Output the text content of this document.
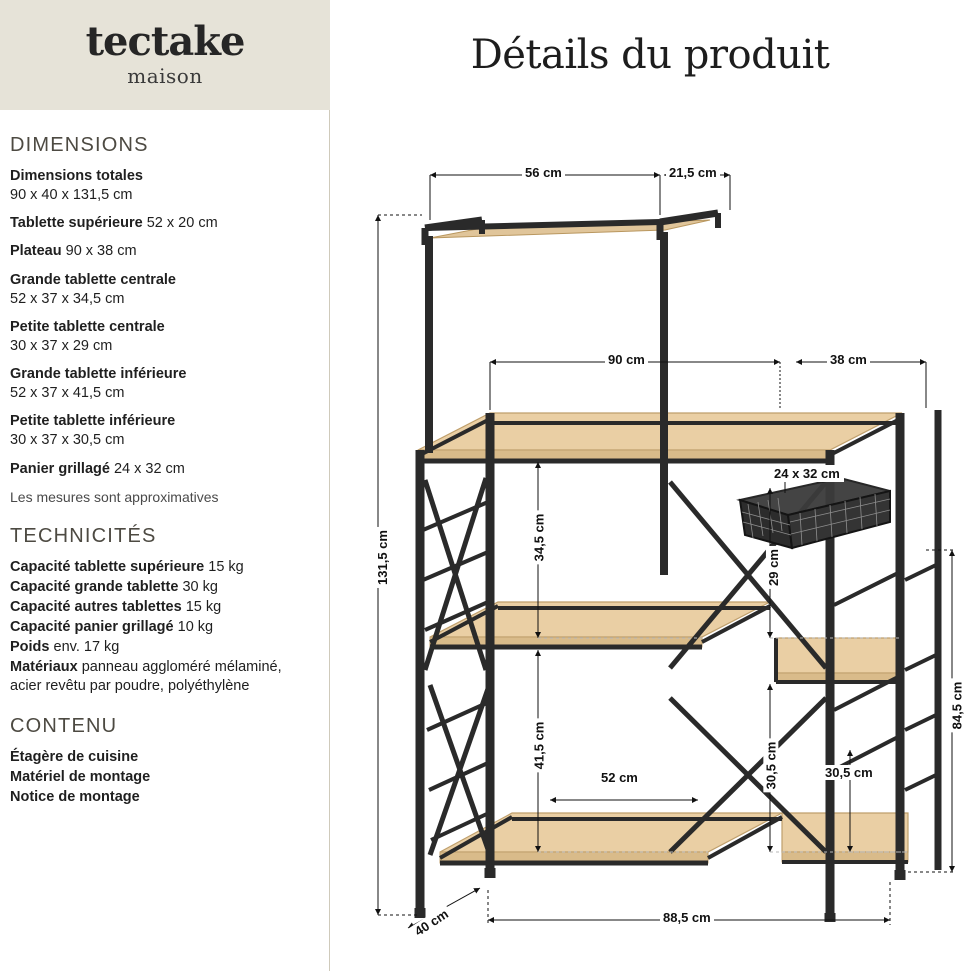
tectake
maison	Détails du produit
DIMENSIONS
Dimensions totales
90 x 40 x 131,5 cm
Tablette supérieure 52 x 20 cm
Plateau 90 x 38 cm
Grande tablette centrale
52 x 37 x 34,5 cm
Petite tablette centrale
30 x 37 x 29 cm
Grande tablette inférieure
52 x 37 x 41,5 cm
Petite tablette inférieure
30 x 37 x 30,5 cm
Panier grillagé 24 x 32 cm

Les mesures sont approximatives

TECHNICITÉS
Capacité tablette supérieure 15 kg
Capacité grande tablette 30 kg
Capacité autres tablettes 15 kg
Capacité panier grillagé 10 kg
Poids env. 17 kg
Matériaux panneau aggloméré mélaminé, acier revêtu par poudre, polyéthylène
CONTENU
Étagère de cuisine
Matériel de montage
Notice de montage
56 cm	21,5 cm
90 cm	38 cm
131,5 cm	34,5 cm
41,5 cm
29 cm
30,5 cm	30,5 cm
84,5 cm
52 cm
40 cm	88,5 cm
24 x 32 cm
